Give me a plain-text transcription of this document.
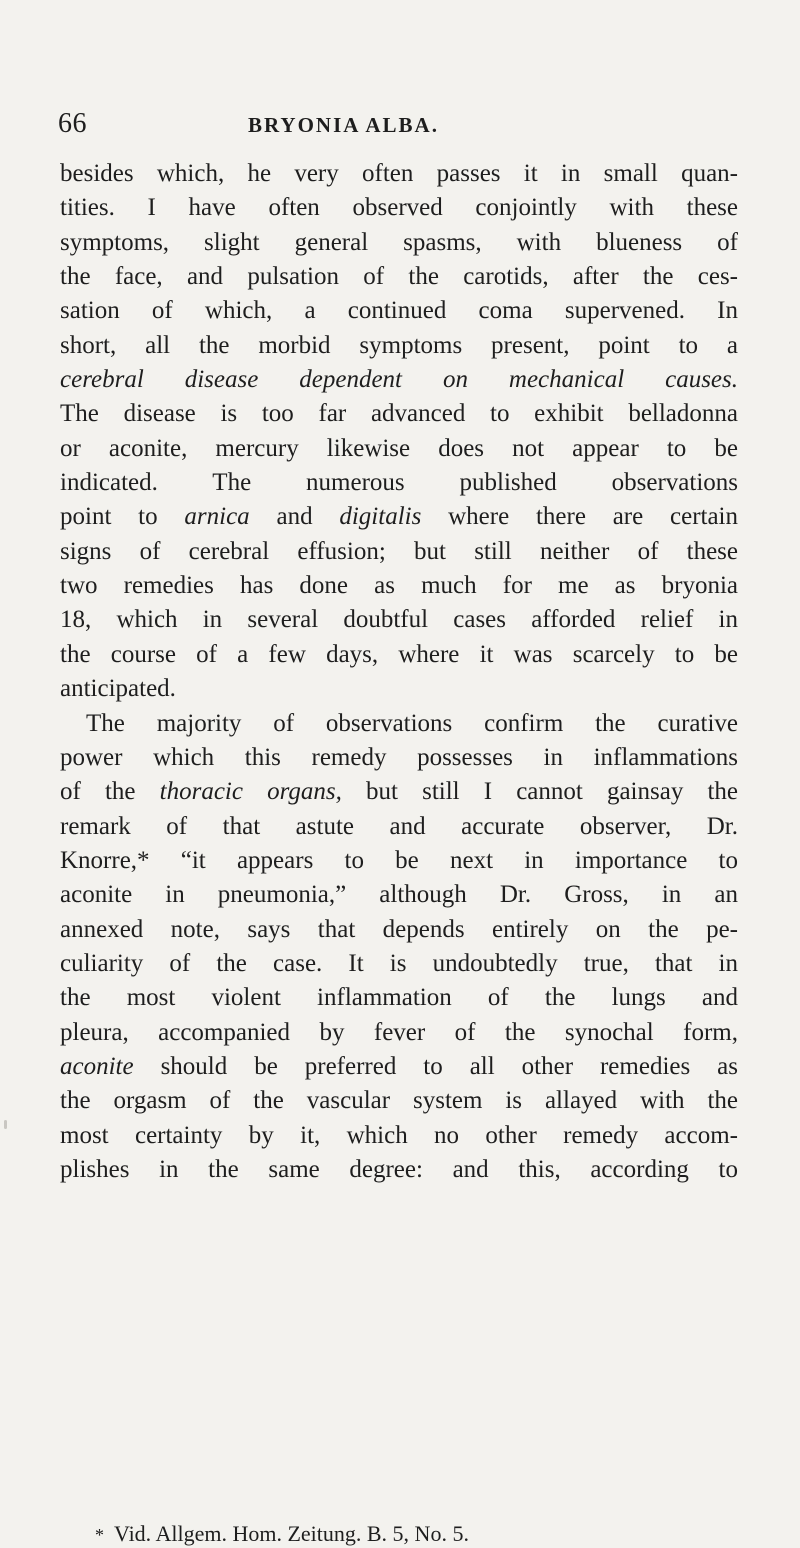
66	BRYONIA ALBA.
besides which, he very often passes it in small quan-
tities. I have often observed conjointly with these
symptoms, slight general spasms, with blueness of
the face, and pulsation of the carotids, after the ces-
sation of which, a continued coma supervened. In
short, all the morbid symptoms present, point to a
cerebral disease dependent on mechanical causes.
The disease is too far advanced to exhibit belladonna
or aconite, mercury likewise does not appear to be
indicated. The numerous published observations
point to arnica and digitalis where there are certain
signs of cerebral effusion; but still neither of these
two remedies has done as much for me as bryonia
18, which in several doubtful cases afforded relief in
the course of a few days, where it was scarcely to be
anticipated.
The majority of observations confirm the curative
power which this remedy possesses in inflammations
of the thoracic organs, but still I cannot gainsay the
remark of that astute and accurate observer, Dr.
Knorre,* “it appears to be next in importance to
aconite in pneumonia,” although Dr. Gross, in an
annexed note, says that depends entirely on the pe-
culiarity of the case. It is undoubtedly true, that in
the most violent inflammation of the lungs and
pleura, accompanied by fever of the synochal form,
aconite should be preferred to all other remedies as
the orgasm of the vascular system is allayed with the
most certainty by it, which no other remedy accom-
plishes in the same degree: and this, according to
* Vid. Allgem. Hom. Zeitung. B. 5, No. 5.
